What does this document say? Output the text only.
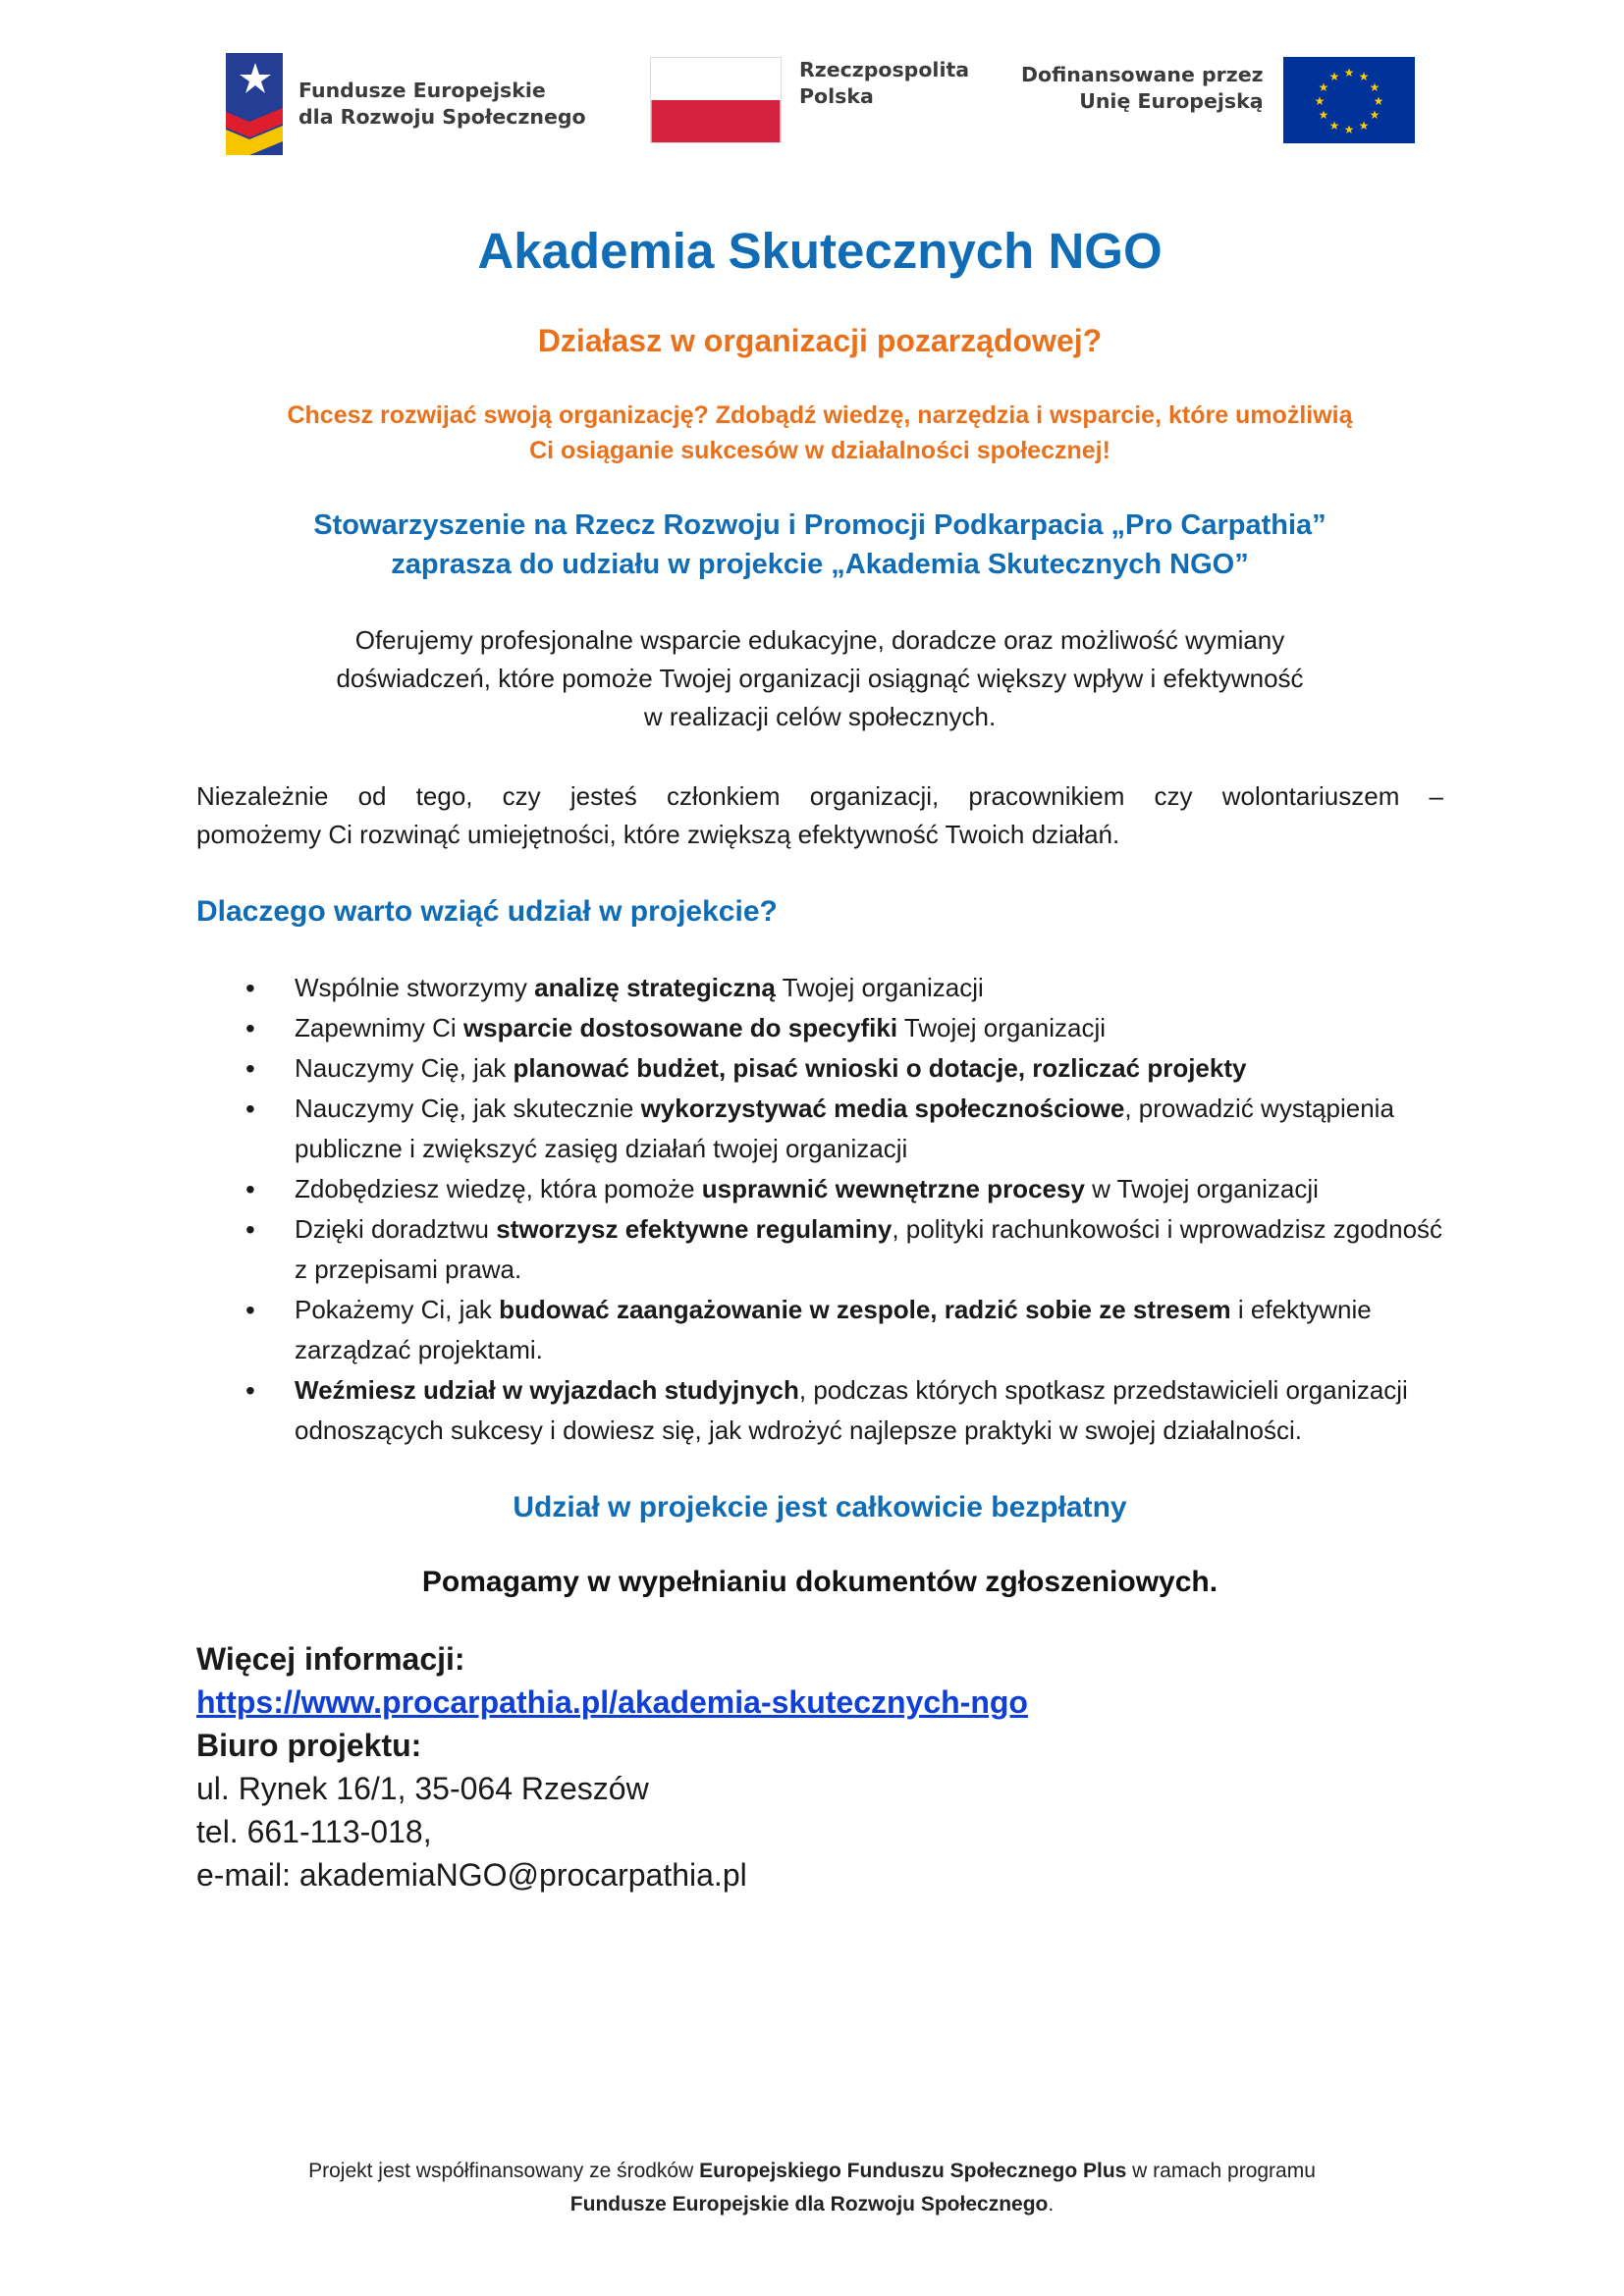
Fundusze Europejskie
dla Rozwoju Społecznego
Rzeczpospolita
Polska
Dofinansowane przez
Unię Europejską
★ ★
★
★
★
★
★
★
★
★
★
★
Akademia Skutecznych NGO
Działasz w organizacji pozarządowej?

Chcesz rozwijać swoją organizację? Zdobądź wiedzę, narzędzia i wsparcie, które umożliwią
Ci osiąganie sukcesów w działalności społecznej!

Stowarzyszenie na Rzecz Rozwoju i Promocji Podkarpacia „Pro Carpathia”
zaprasza do udziału w projekcie „Akademia Skutecznych NGO”

Oferujemy profesjonalne wsparcie edukacyjne, doradcze oraz możliwość wymiany
doświadczeń, które pomoże Twojej organizacji osiągnąć większy wpływ i efektywność
w realizacji celów społecznych.

Niezależnie od tego, czy jesteś członkiem organizacji, pracownikiem czy wolontariuszem –
pomożemy Ci rozwinąć umiejętności, które zwiększą efektywność Twoich działań.

Dlaczego warto wziąć udział w projekcie?
• Wspólnie stworzymy analizę strategiczną Twojej organizacji
• Zapewnimy Ci wsparcie dostosowane do specyfiki Twojej organizacji
• Nauczymy Cię, jak planować budżet, pisać wnioski o dotacje, rozliczać projekty
• Nauczymy Cię, jak skutecznie wykorzystywać media społecznościowe, prowadzić wystąpienia publiczne i zwiększyć zasięg działań twojej organizacji
• Zdobędziesz wiedzę, która pomoże usprawnić wewnętrzne procesy w Twojej organizacji
• Dzięki doradztwu stworzysz efektywne regulaminy, polityki rachunkowości i wprowadzisz zgodność z przepisami prawa.
• Pokażemy Ci, jak budować zaangażowanie w zespole, radzić sobie ze stresem i efektywnie zarządzać projektami.
• Weźmiesz udział w wyjazdach studyjnych, podczas których spotkasz przedstawicieli organizacji odnoszących sukcesy i dowiesz się, jak wdrożyć najlepsze praktyki w swojej działalności.

Udział w projekcie jest całkowicie bezpłatny

Pomagamy w wypełnianiu dokumentów zgłoszeniowych.

Więcej informacji:
https://www.procarpathia.pl/akademia-skutecznych-ngo
Biuro projektu:
ul. Rynek 16/1, 35-064 Rzeszów
tel. 661-113-018,
e-mail: akademiaNGO@procarpathia.pl
Projekt jest współfinansowany ze środków Europejskiego Funduszu Społecznego Plus w ramach programu
Fundusze Europejskie dla Rozwoju Społecznego.
